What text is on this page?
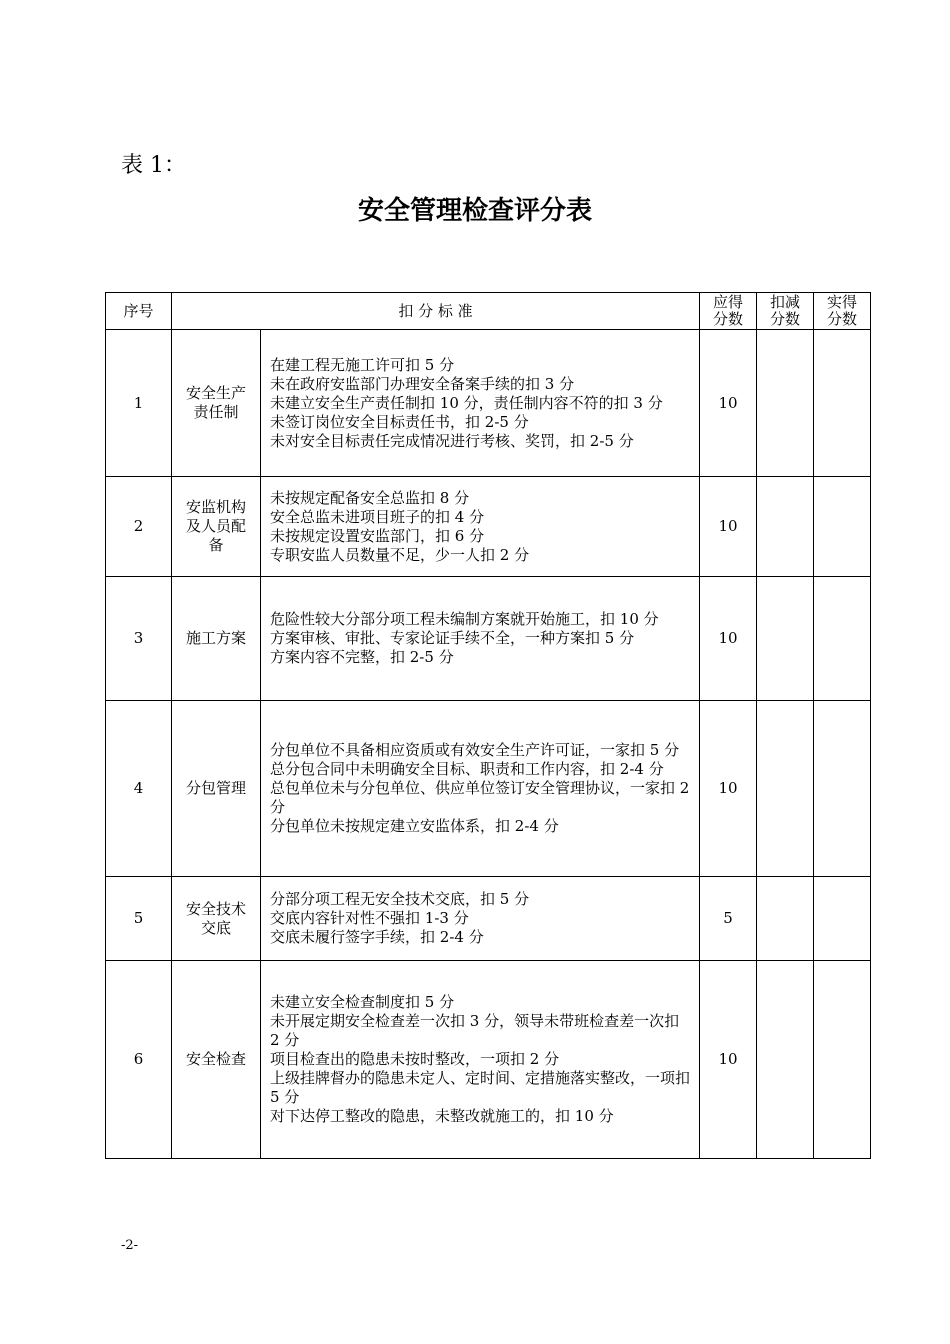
表 1：
安全管理检查评分表
序号	扣 分 标 准		应得分数	扣减分数	实得分数
1	安全生产责任制	在建工程无施工许可扣 5 分
未在政府安监部门办理安全备案手续的扣 3 分
未建立安全生产责任制扣 10 分，责任制内容不符的扣 3 分
未签订岗位安全目标责任书，扣 2-5 分
未对安全目标责任完成情况进行考核、奖罚，扣 2-5 分	10		
2	安监机构及人员配备	未按规定配备安全总监扣 8 分
安全总监未进项目班子的扣 4 分
未按规定设置安监部门，扣 6 分
专职安监人员数量不足，少一人扣 2 分	10		
3	施工方案	危险性较大分部分项工程未编制方案就开始施工，扣 10 分
方案审核、审批、专家论证手续不全，一种方案扣 5 分
方案内容不完整，扣 2-5 分	10		
4	分包管理	分包单位不具备相应资质或有效安全生产许可证，一家扣 5 分
总分包合同中未明确安全目标、职责和工作内容，扣 2-4 分
总包单位未与分包单位、供应单位签订安全管理协议，一家扣 2 分
分包单位未按规定建立安监体系，扣 2-4 分	10		
5	安全技术交底	分部分项工程无安全技术交底，扣 5 分
交底内容针对性不强扣 1-3 分
交底未履行签字手续，扣 2-4 分	5		
6	安全检查	未建立安全检查制度扣 5 分
未开展定期安全检查差一次扣 3 分，领导未带班检查差一次扣 2 分
项目检查出的隐患未按时整改，一项扣 2 分
上级挂牌督办的隐患未定人、定时间、定措施落实整改，一项扣 5 分
对下达停工整改的隐患，未整改就施工的，扣 10 分	10		
-2-
